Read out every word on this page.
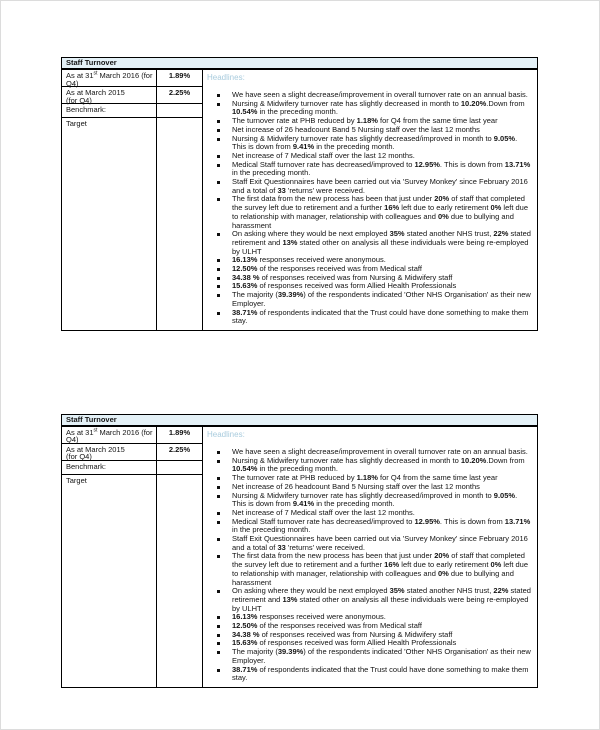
Staff Turnover
As at 31st March 2016 (for
Q4)
1.89%
As at March 2015
(for Q4)
2.25%
Benchmark:
Target
Headlines:
We have seen a slight decrease/improvement in overall turnover rate on an annual basis.
Nursing & Midwifery turnover rate has slightly decreased in month to 10.20%.Down from 10.54% in the preceding month.
The turnover rate at PHB reduced by 1.18% for Q4 from the same time last year
Net increase of 26 headcount Band 5 Nursing staff over the last 12 months
Nursing & Midwifery turnover rate has slightly decreased/improved in month to 9.05%. This is down from 9.41% in the preceding month.
Net increase of 7 Medical staff over the last 12 months.
Medical Staff turnover rate has decreased/improved to 12.95%. This is down from 13.71% in the preceding month.
Staff Exit Questionnaires have been carried out via 'Survey Monkey' since February 2016 and a total of 33 'returns' were received.
The first data from the new process has been that just under 20% of staff that completed the survey left due to retirement and a further 16% left due to early retirement 0% left due to relationship with manager, relationship with colleagues and 0% due to bullying and harassment
On asking where they would be next employed 35% stated another NHS trust, 22% stated retirement and 13% stated other on analysis all these individuals were being re-employed by ULHT
16.13% responses received were anonymous.
12.50% of the responses received was from Medical staff
34.38 % of responses received was from Nursing & Midwifery staff
15.63% of responses received was form Allied Health Professionals
The majority (39.39%) of the respondents indicated 'Other NHS Organisation' as their new Employer.
38.71% of respondents indicated that the Trust could have done something to make them stay.
Staff Turnover
As at 31st March 2016 (for
Q4)
1.89%
As at March 2015
(for Q4)
2.25%
Benchmark:
Target
Headlines:
We have seen a slight decrease/improvement in overall turnover rate on an annual basis.
Nursing & Midwifery turnover rate has slightly decreased in month to 10.20%.Down from 10.54% in the preceding month.
The turnover rate at PHB reduced by 1.18% for Q4 from the same time last year
Net increase of 26 headcount Band 5 Nursing staff over the last 12 months
Nursing & Midwifery turnover rate has slightly decreased/improved in month to 9.05%. This is down from 9.41% in the preceding month.
Net increase of 7 Medical staff over the last 12 months.
Medical Staff turnover rate has decreased/improved to 12.95%. This is down from 13.71% in the preceding month.
Staff Exit Questionnaires have been carried out via 'Survey Monkey' since February 2016 and a total of 33 'returns' were received.
The first data from the new process has been that just under 20% of staff that completed the survey left due to retirement and a further 16% left due to early retirement 0% left due to relationship with manager, relationship with colleagues and 0% due to bullying and harassment
On asking where they would be next employed 35% stated another NHS trust, 22% stated retirement and 13% stated other on analysis all these individuals were being re-employed by ULHT
16.13% responses received were anonymous.
12.50% of the responses received was from Medical staff
34.38 % of responses received was from Nursing & Midwifery staff
15.63% of responses received was form Allied Health Professionals
The majority (39.39%) of the respondents indicated 'Other NHS Organisation' as their new Employer.
38.71% of respondents indicated that the Trust could have done something to make them stay.
